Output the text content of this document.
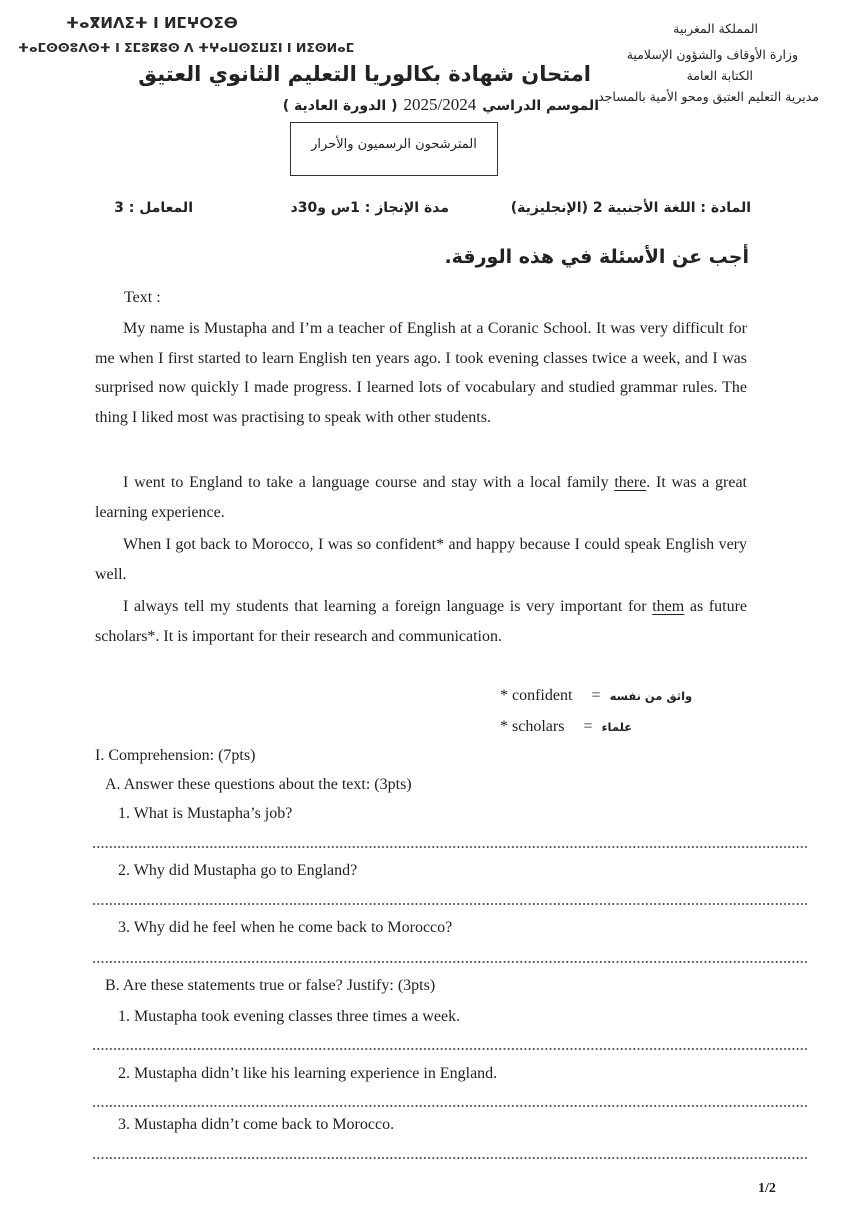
ⵜⴰⴳⵍⴷⵉⵜ ⵏ ⵍⵎⵖⵔⵉⴱ
ⵜⴰⵎⵙⵙⵓⴷⵙⵜ ⵏ ⵉⵎⵓⴽⵓⵙ ⴷ ⵜⵖⴰⵡⵙⵉⵡⵉⵏ ⵏ ⵍⵉⵙⵍⴰⵎ
المملكة المغربية
وزارة الأوقاف والشؤون الإسلامية
الكتابة العامة
مديرية التعليم العتيق ومحو الأمية بالمساجد
امتحان شهادة بكالوريا التعليم الثانوي العتيق
الموسم الدراسي
2025/2024
( الدورة العادية )
المترشحون الرسميون والأحرار
المادة : اللغة الأجنبية 2 (الإنجليزية)
مدة الإنجاز : 1س و30د
المعامل : 3
أجب عن الأسئلة في هذه الورقة.
Text :
My name is Mustapha and I’m a teacher of English at a Coranic School. It was very difficult for me when I first started to learn English ten years ago. I took evening classes twice a week, and I was surprised now quickly I made progress. I learned lots of vocabulary and studied grammar rules. The thing I liked most was practising to speak with other students.
I went to England to take a language course and stay with a local family there. It was a great learning experience.
When I got back to Morocco, I was so confident* and happy because I could speak English very well.
I always tell my students that learning a foreign language is very important for them as future scholars*. It is important for their research and communication.
* confident = واثق من نفسه
* scholars = علماء
I. Comprehension: (7pts)
A. Answer these questions about the text: (3pts)
1. What is Mustapha’s job?
2. Why did Mustapha go to England?
3. Why did he feel when he come back to Morocco?
B. Are these statements true or false? Justify: (3pts)
1. Mustapha took evening classes three times a week.
2. Mustapha didn’t like his learning experience in England.
3. Mustapha didn’t come back to Morocco.
1/2
